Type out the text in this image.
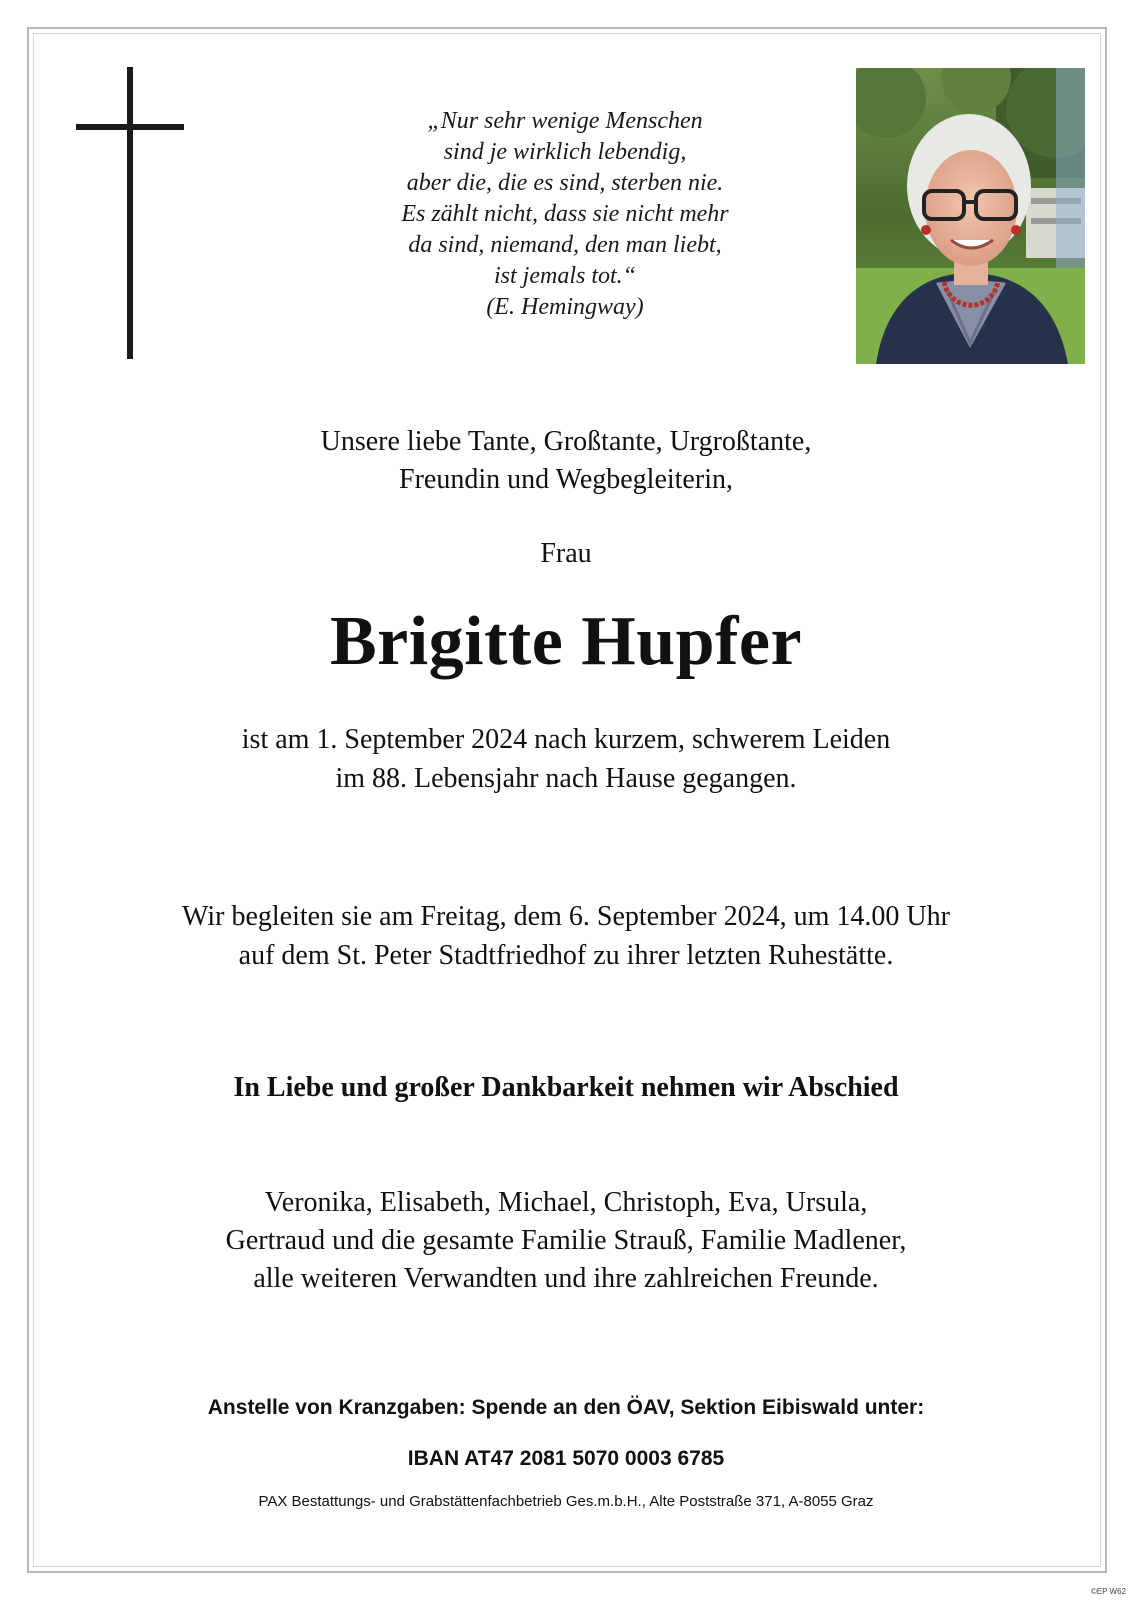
„Nur sehr wenige Menschen
sind je wirklich lebendig,
aber die, die es sind, sterben nie.
Es zählt nicht, dass sie nicht mehr
da sind, niemand, den man liebt,
ist jemals tot.“
(E. Hemingway)
Unsere liebe Tante, Großtante, Urgroßtante,
Freundin und Wegbegleiterin,
Frau
Brigitte Hupfer
ist am 1. September 2024 nach kurzem, schwerem Leiden
im 88. Lebensjahr nach Hause gegangen.
Wir begleiten sie am Freitag, dem 6. September 2024, um 14.00 Uhr
auf dem St. Peter Stadtfriedhof zu ihrer letzten Ruhestätte.
In Liebe und großer Dankbarkeit nehmen wir Abschied
Veronika, Elisabeth, Michael, Christoph, Eva, Ursula,
Gertraud und die gesamte Familie Strauß, Familie Madlener,
alle weiteren Verwandten und ihre zahlreichen Freunde.
Anstelle von Kranzgaben: Spende an den ÖAV, Sektion Eibiswald unter:
IBAN AT47 2081 5070 0003 6785
PAX Bestattungs- und Grabstättenfachbetrieb Ges.m.b.H., Alte Poststraße 371, A-8055 Graz
©EP W62
